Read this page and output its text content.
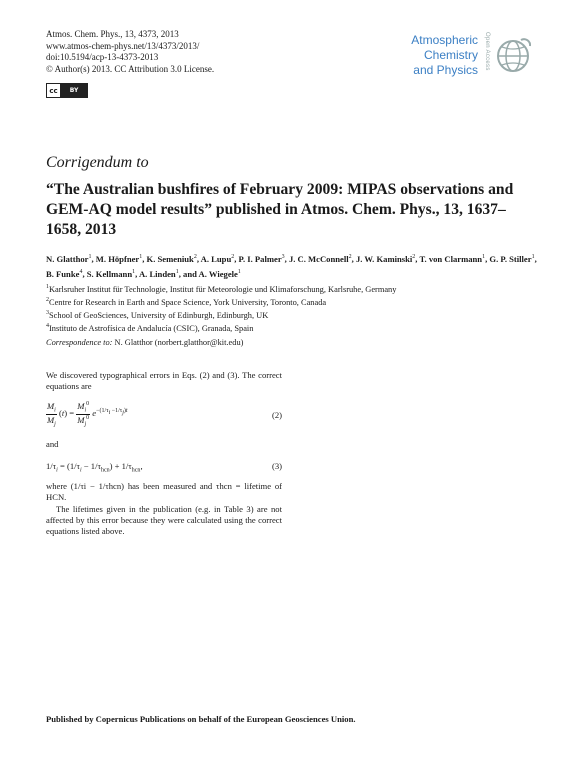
Atmos. Chem. Phys., 13, 4373, 2013
www.atmos-chem-phys.net/13/4373/2013/
doi:10.5194/acp-13-4373-2013
© Author(s) 2013. CC Attribution 3.0 License.
cc	BY
Atmospheric
Chemistry
and Physics	Open Access
Corrigendum to
“The Australian bushfires of February 2009: MIPAS observations and GEM-AQ model results” published in Atmos. Chem. Phys., 13, 1637–1658, 2013
N. Glatthor$^1$, M. Höpfner$^1$, K. Semeniuk$^2$, A. Lupu$^2$, P. I. Palmer$^3$, J. C. McConnell$^2$, J. W. Kaminski$^2$, T. von Clarmann$^1$, G. P. Stiller$^1$, B. Funke$^4$, S. Kellmann$^1$, A. Linden$^1$, and A. Wiegele$^1$
$^1$Karlsruher Institut für Technologie, Institut für Meteorologie und Klimaforschung, Karlsruhe, Germany
$^2$Centre for Research in Earth and Space Science, York University, Toronto, Canada
$^3$School of GeoSciences, University of Edinburgh, Edinburgh, UK
$^4$Instituto de Astrofísica de Andalucía (CSIC), Granada, Spain
Correspondence to: N. Glatthor (norbert.glatthor@kit.edu)
We discovered typographical errors in Eqs. (2) and (3). The correct equations are
$\frac{M_i}{M_j} (t) = \frac{M_i^0}{M_j^0} e^{-(1/\tau_i -1/\tau_j)t}$	(2)
and
$1/\tau_i = (1/\tau_i - 1/\tau_{hcn}) + 1/\tau_{hcn}$,	(3)
where (1/τi − 1/τhcn) has been measured and τhcn = lifetime of HCN.
The lifetimes given in the publication (e.g. in Table 3) are not affected by this error because they were calculated using the correct equations listed above.
Published by Copernicus Publications on behalf of the European Geosciences Union.
